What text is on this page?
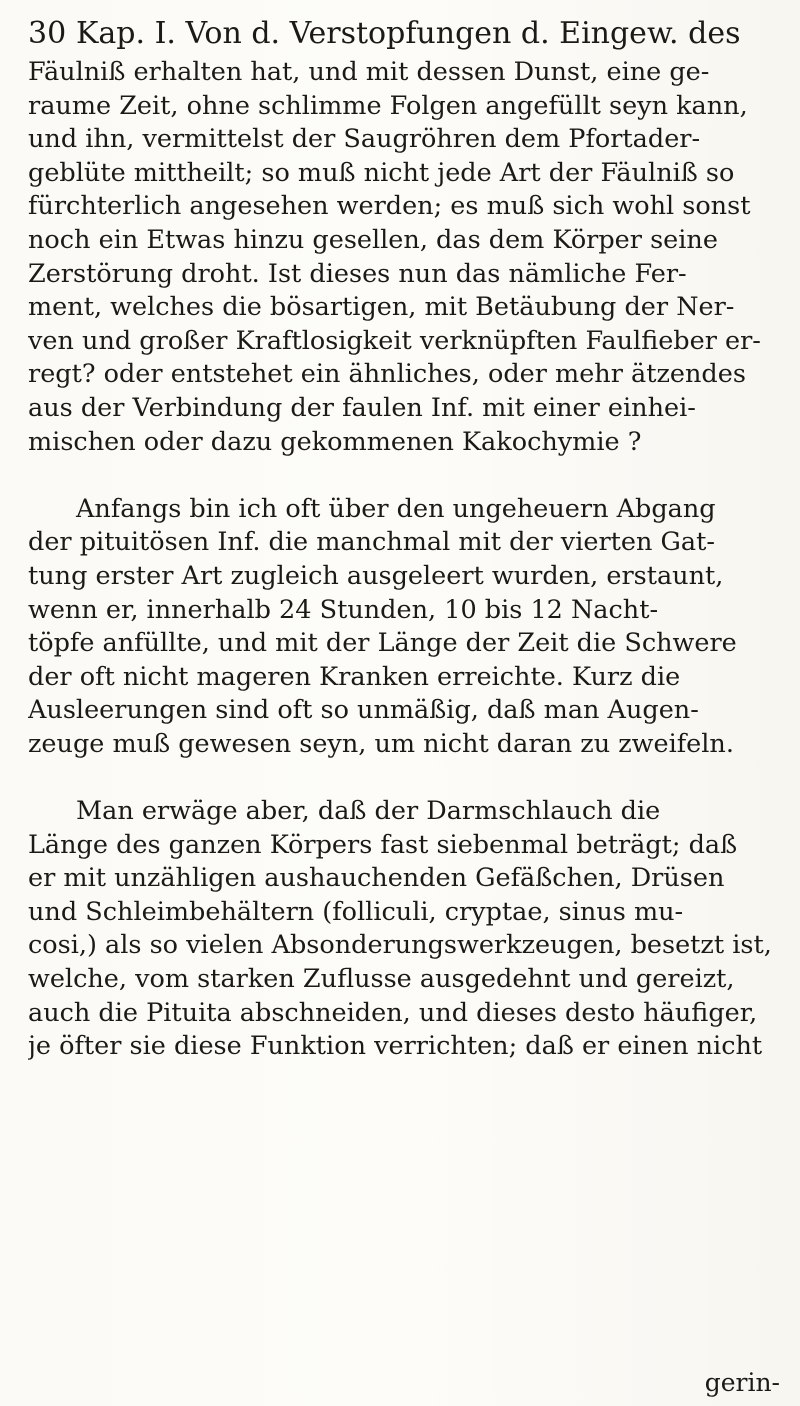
30 Kap. I. Von d. Verstopfungen d. Eingew. des
Fäulniß erhalten hat, und mit dessen Dunst, eine ge-
raume Zeit, ohne schlimme Folgen angefüllt seyn kann,
und ihn, vermittelst der Saugröhren dem Pfortader-
geblüte mittheilt; so muß nicht jede Art der Fäulniß so
fürchterlich angesehen werden; es muß sich wohl sonst
noch ein Etwas hinzu gesellen, das dem Körper seine
Zerstörung droht. Ist dieses nun das nämliche Fer-
ment, welches die bösartigen, mit Betäubung der Ner-
ven und großer Kraftlosigkeit verknüpften Faulfieber er-
regt? oder entstehet ein ähnliches, oder mehr ätzendes
aus der Verbindung der faulen Inf. mit einer einhei-
mischen oder dazu gekommenen Kakochymie ?
Anfangs bin ich oft über den ungeheuern Abgang
der pituitösen Inf. die manchmal mit der vierten Gat-
tung erster Art zugleich ausgeleert wurden, erstaunt,
wenn er, innerhalb 24 Stunden, 10 bis 12 Nacht-
töpfe anfüllte, und mit der Länge der Zeit die Schwere
der oft nicht mageren Kranken erreichte. Kurz die
Ausleerungen sind oft so unmäßig, daß man Augen-
zeuge muß gewesen seyn, um nicht daran zu zweifeln.
Man erwäge aber, daß der Darmschlauch die
Länge des ganzen Körpers fast siebenmal beträgt; daß
er mit unzähligen aushauchenden Gefäßchen, Drüsen
und Schleimbehältern (folliculi, cryptae, sinus mu-
cosi,) als so vielen Absonderungswerkzeugen, besetzt ist,
welche, vom starken Zuflusse ausgedehnt und gereizt,
auch die Pituita abschneiden, und dieses desto häufiger,
je öfter sie diese Funktion verrichten; daß er einen nicht
gerin-
